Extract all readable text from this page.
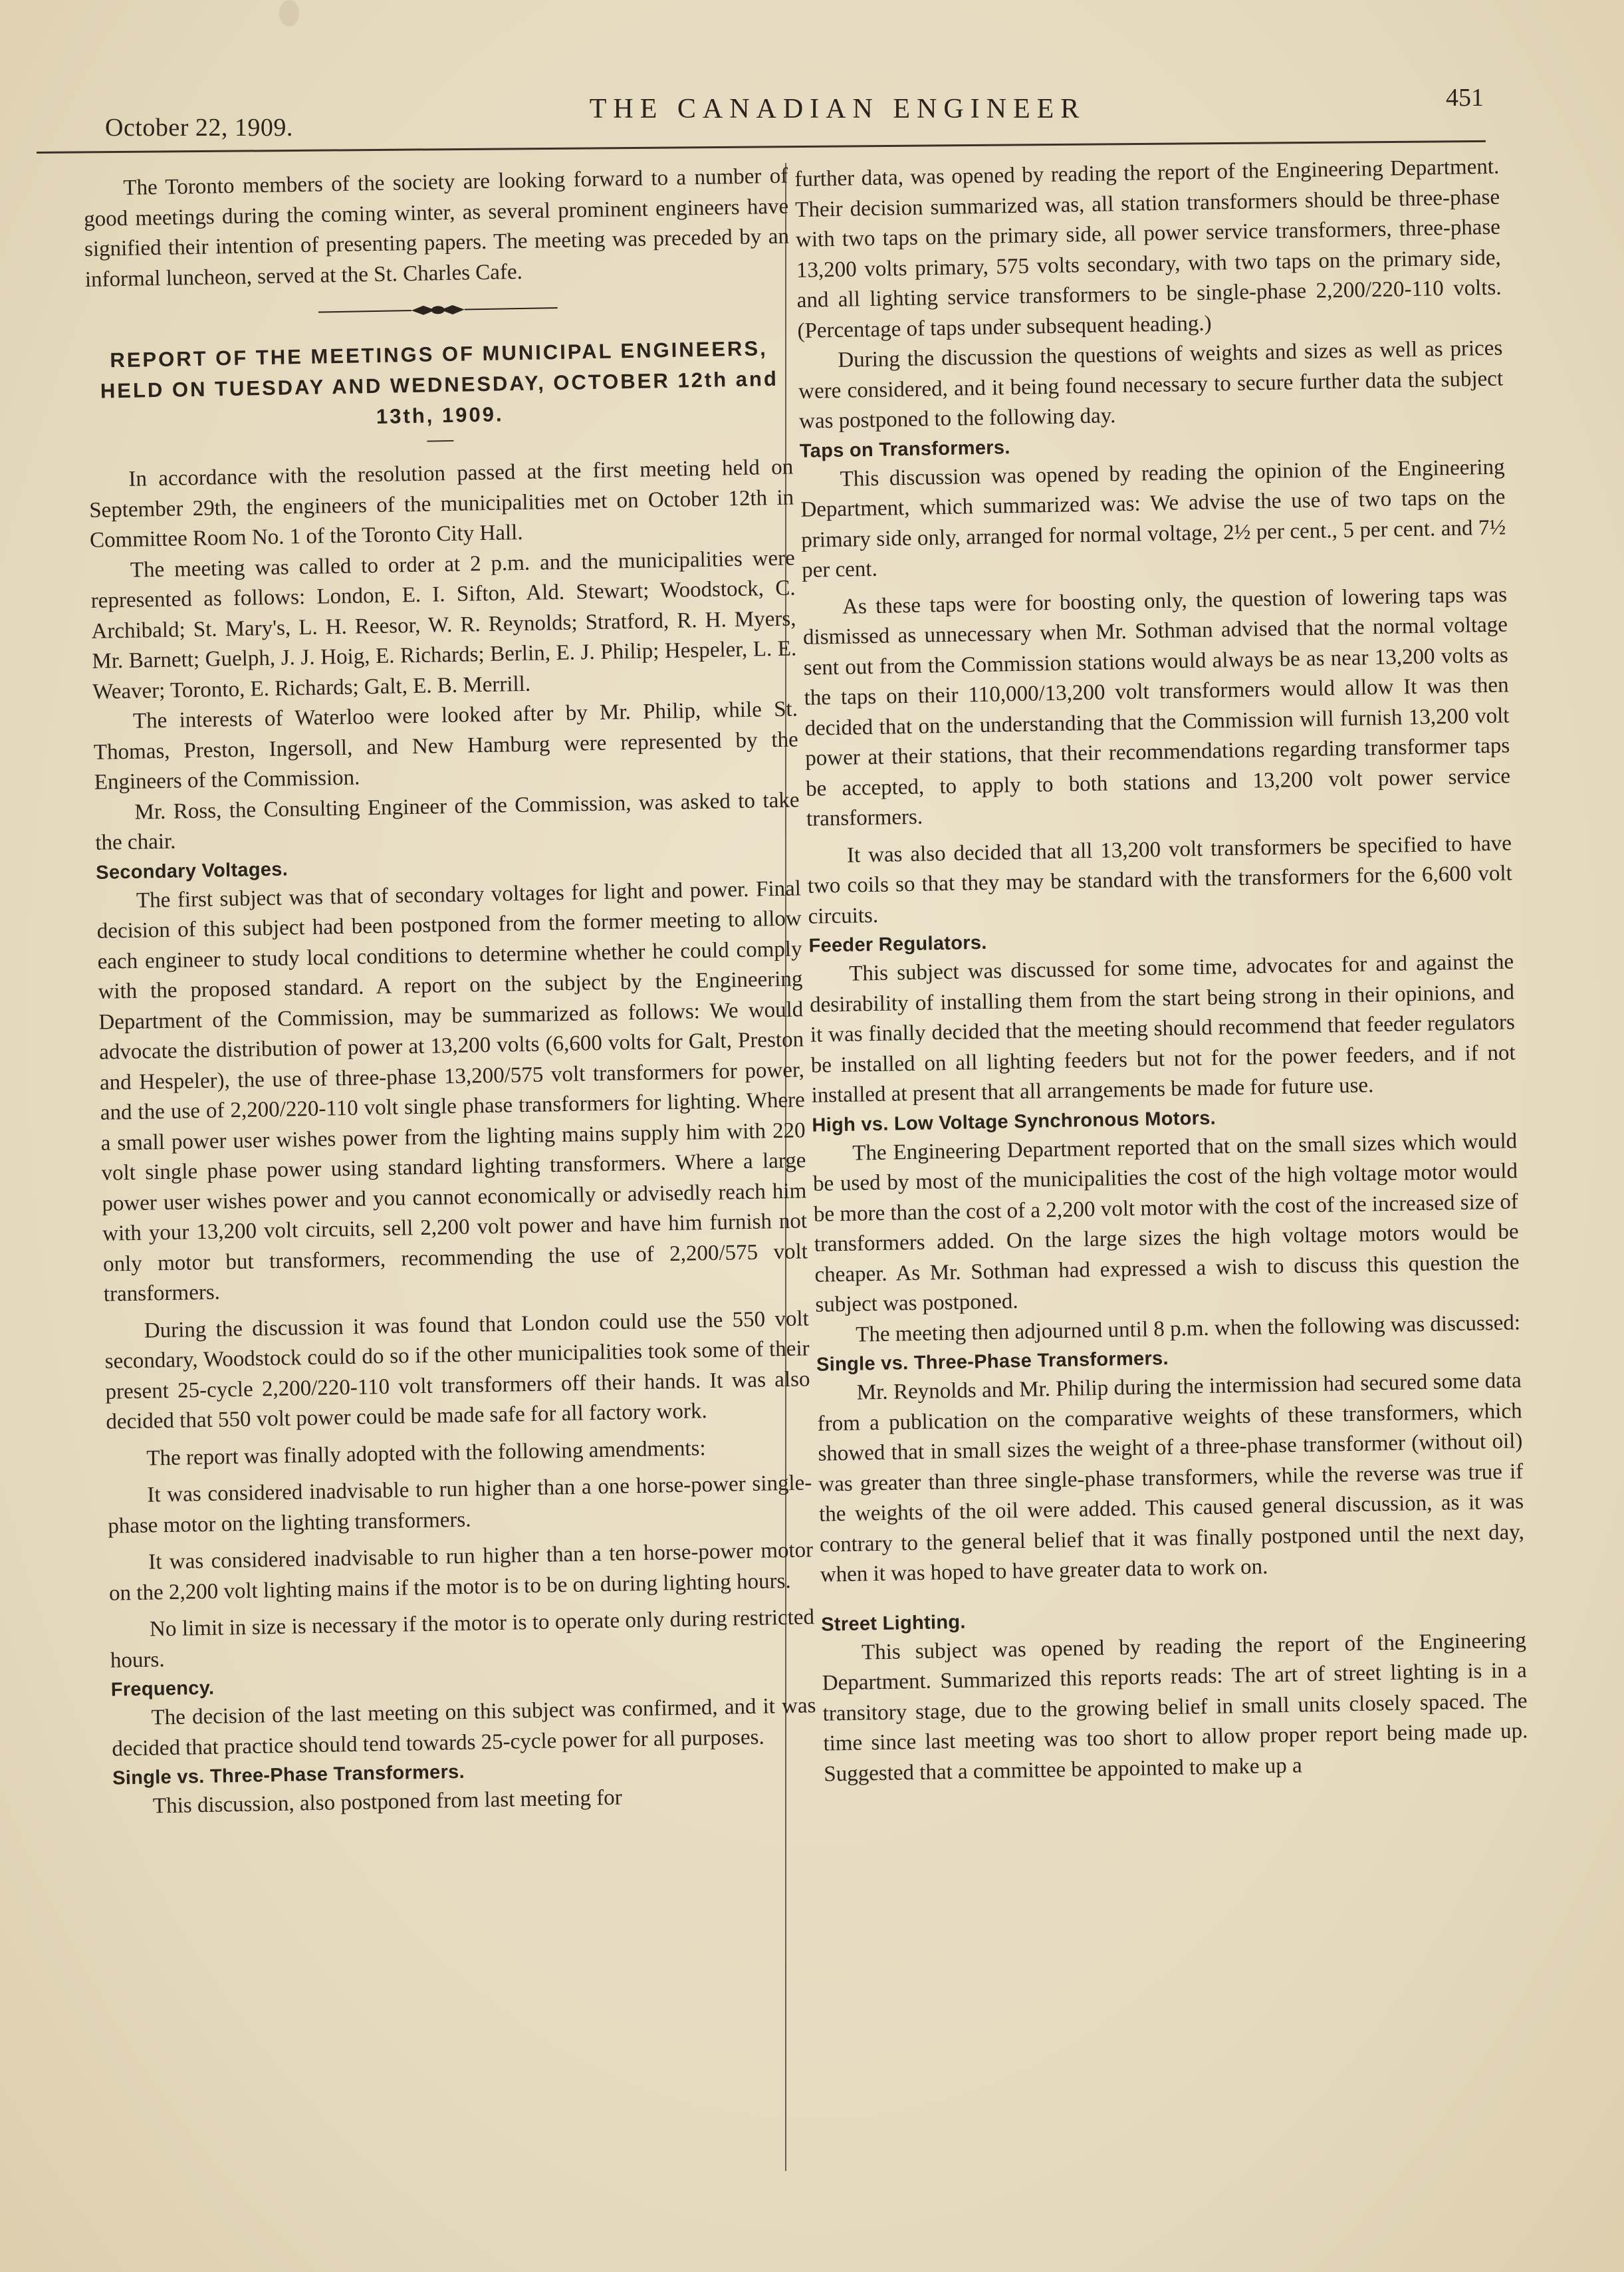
October 22, 1909.
THE CANADIAN ENGINEER	451

The Toronto members of the society are looking forward to a number of good meetings during the coming winter, as several prominent engineers have signified their intention of presenting papers. The meeting was preceded by an informal luncheon, served at the St. Charles Cafe.

REPORT OF THE MEETINGS OF MUNICIPAL ENGINEERS, HELD ON TUESDAY AND WEDNESDAY, OCTOBER 12th and 13th, 1909.

In accordance with the resolution passed at the first meeting held on September 29th, the engineers of the municipalities met on October 12th in Committee Room No. 1 of the Toronto City Hall.

The meeting was called to order at 2 p.m. and the municipalities were represented as follows: London, E. I. Sifton, Ald. Stewart; Woodstock, C. Archibald; St. Mary's, L. H. Reesor, W. R. Reynolds; Stratford, R. H. Myers, Mr. Barnett; Guelph, J. J. Hoig, E. Richards; Berlin, E. J. Philip; Hespeler, L. E. Weaver; Toronto, E. Richards; Galt, E. B. Merrill.

The interests of Waterloo were looked after by Mr. Philip, while St. Thomas, Preston, Ingersoll, and New Hamburg were represented by the Engineers of the Commission.

Mr. Ross, the Consulting Engineer of the Commission, was asked to take the chair.

Secondary Voltages.

The first subject was that of secondary voltages for light and power. Final decision of this subject had been postponed from the former meeting to allow each engineer to study local conditions to determine whether he could comply with the proposed standard. A report on the subject by the Engineering Department of the Commission, may be summarized as follows: We would advocate the distribution of power at 13,200 volts (6,600 volts for Galt, Preston and Hespeler), the use of three-phase 13,200/575 volt transformers for power, and the use of 2,200/220-110 volt single phase transformers for lighting. Where a small power user wishes power from the lighting mains supply him with 220 volt single phase power using standard lighting transformers. Where a large power user wishes power and you cannot economically or advisedly reach him with your 13,200 volt circuits, sell 2,200 volt power and have him furnish not only motor but transformers, recommending the use of 2,200/575 volt transformers.

During the discussion it was found that London could use the 550 volt secondary, Woodstock could do so if the other municipalities took some of their present 25-cycle 2,200/220-110 volt transformers off their hands. It was also decided that 550 volt power could be made safe for all factory work.

The report was finally adopted with the following amendments:

It was considered inadvisable to run higher than a one horse-power single-phase motor on the lighting transformers.

It was considered inadvisable to run higher than a ten horse-power motor on the 2,200 volt lighting mains if the motor is to be on during lighting hours.

No limit in size is necessary if the motor is to operate only during restricted hours.

Frequency.

The decision of the last meeting on this subject was confirmed, and it was decided that practice should tend towards 25-cycle power for all purposes.

Single vs. Three-Phase Transformers.

This discussion, also postponed from last meeting for

further data, was opened by reading the report of the Engineering Department. Their decision summarized was, all station transformers should be three-phase with two taps on the primary side, all power service transformers, three-phase 13,200 volts primary, 575 volts secondary, with two taps on the primary side, and all lighting service transformers to be single-phase 2,200/220-110 volts. (Percentage of taps under subsequent heading.)

During the discussion the questions of weights and sizes as well as prices were considered, and it being found necessary to secure further data the subject was postponed to the following day.

Taps on Transformers.

This discussion was opened by reading the opinion of the Engineering Department, which summarized was: We advise the use of two taps on the primary side only, arranged for normal voltage, 2½ per cent., 5 per cent. and 7½ per cent.

As these taps were for boosting only, the question of lowering taps was dismissed as unnecessary when Mr. Sothman advised that the normal voltage sent out from the Commission stations would always be as near 13,200 volts as the taps on their 110,000/13,200 volt transformers would allow It was then decided that on the understanding that the Commission will furnish 13,200 volt power at their stations, that their recommendations regarding transformer taps be accepted, to apply to both stations and 13,200 volt power service transformers.

It was also decided that all 13,200 volt transformers be specified to have two coils so that they may be standard with the transformers for the 6,600 volt circuits.

Feeder Regulators.

This subject was discussed for some time, advocates for and against the desirability of installing them from the start being strong in their opinions, and it was finally decided that the meeting should recommend that feeder regulators be installed on all lighting feeders but not for the power feeders, and if not installed at present that all arrangements be made for future use.

High vs. Low Voltage Synchronous Motors.

The Engineering Department reported that on the small sizes which would be used by most of the municipalities the cost of the high voltage motor would be more than the cost of a 2,200 volt motor with the cost of the increased size of transformers added. On the large sizes the high voltage motors would be cheaper. As Mr. Sothman had expressed a wish to discuss this question the subject was postponed.

The meeting then adjourned until 8 p.m. when the following was discussed:

Single vs. Three-Phase Transformers.

Mr. Reynolds and Mr. Philip during the intermission had secured some data from a publication on the comparative weights of these transformers, which showed that in small sizes the weight of a three-phase transformer (without oil) was greater than three single-phase transformers, while the reverse was true if the weights of the oil were added. This caused general discussion, as it was contrary to the general belief that it was finally postponed until the next day, when it was hoped to have greater data to work on.

Street Lighting.

This subject was opened by reading the report of the Engineering Department. Summarized this reports reads: The art of street lighting is in a transitory stage, due to the growing belief in small units closely spaced. The time since last meeting was too short to allow proper report being made up. Suggested that a committee be appointed to make up a
